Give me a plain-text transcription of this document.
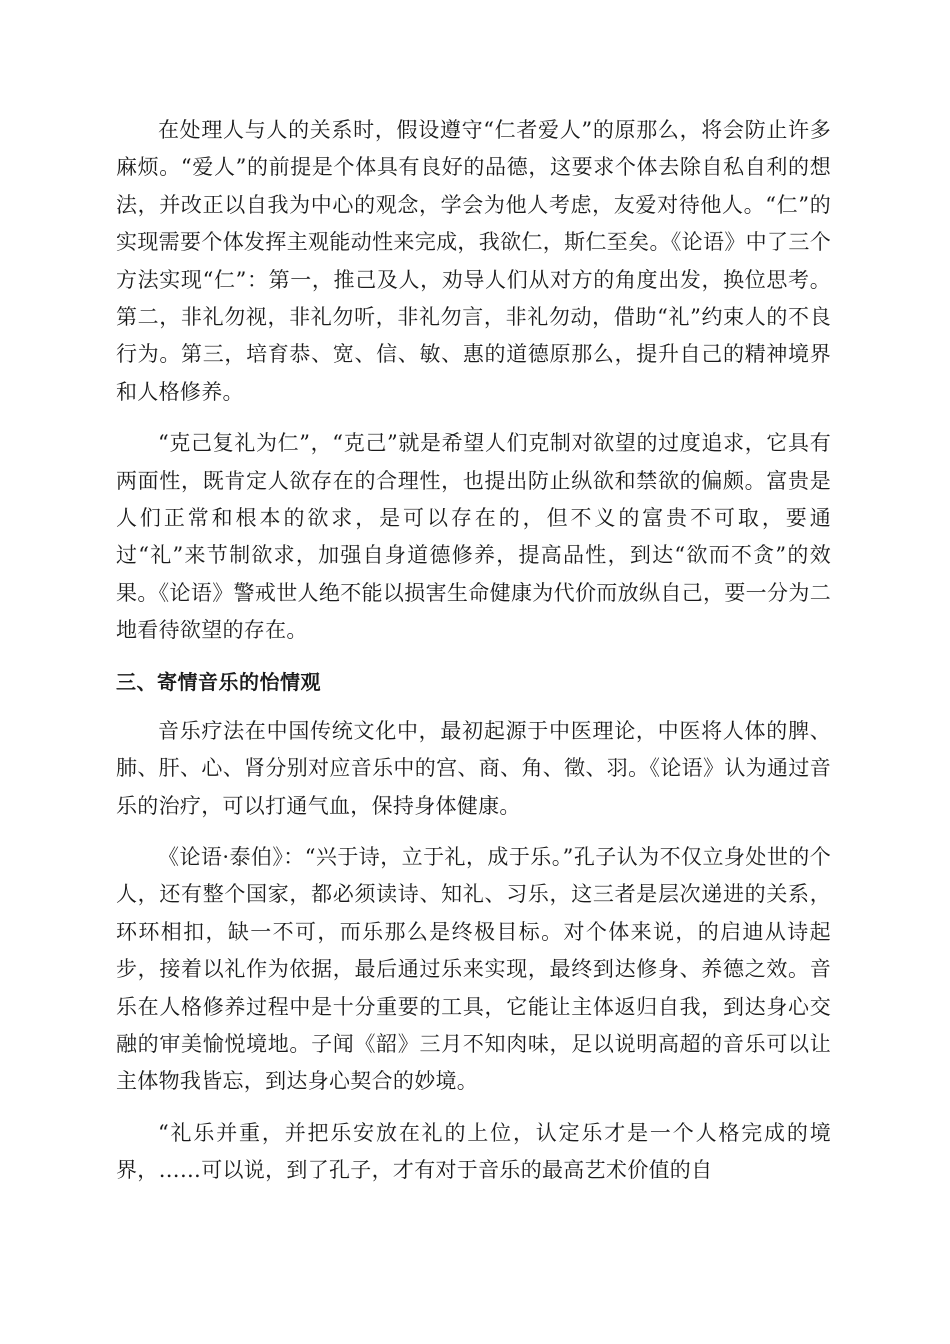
在处理人与人的关系时，假设遵守“仁者爱人”的原那么，将会防止许多麻烦。“爱人”的前提是个体具有良好的品德，这要求个体去除自私自利的想法，并改正以自我为中心的观念，学会为他人考虑，友爱对待他人。“仁”的实现需要个体发挥主观能动性来完成，我欲仁，斯仁至矣。《论语》中了三个方法实现“仁”：第一，推己及人，劝导人们从对方的角度出发，换位思考。第二，非礼勿视，非礼勿听，非礼勿言，非礼勿动，借助“礼”约束人的不良行为。第三，培育恭、宽、信、敏、惠的道德原那么，提升自己的精神境界和人格修养。

“克己复礼为仁”，“克己”就是希望人们克制对欲望的过度追求，它具有两面性，既肯定人欲存在的合理性，也提出防止纵欲和禁欲的偏颇。富贵是人们正常和根本的欲求，是可以存在的，但不义的富贵不可取，要通过“礼”来节制欲求，加强自身道德修养，提高品性，到达“欲而不贪”的效果。《论语》警戒世人绝不能以损害生命健康为代价而放纵自己，要一分为二地看待欲望的存在。

三、寄情音乐的怡情观

音乐疗法在中国传统文化中，最初起源于中医理论，中医将人体的脾、肺、肝、心、肾分别对应音乐中的宫、商、角、徵、羽。《论语》认为通过音乐的治疗，可以打通气血，保持身体健康。

《论语·泰伯》：“兴于诗，立于礼，成于乐。”孔子认为不仅立身处世的个人，还有整个国家，都必须读诗、知礼、习乐，这三者是层次递进的关系，环环相扣，缺一不可，而乐那么是终极目标。对个体来说，的启迪从诗起步，接着以礼作为依据，最后通过乐来实现，最终到达修身、养德之效。音乐在人格修养过程中是十分重要的工具，它能让主体返归自我，到达身心交融的审美愉悦境地。子闻《韶》三月不知肉味，足以说明高超的音乐可以让主体物我皆忘，到达身心契合的妙境。

“礼乐并重，并把乐安放在礼的上位，认定乐才是一个人格完成的境界，……可以说，到了孔子，才有对于音乐的最高艺术价值的自
